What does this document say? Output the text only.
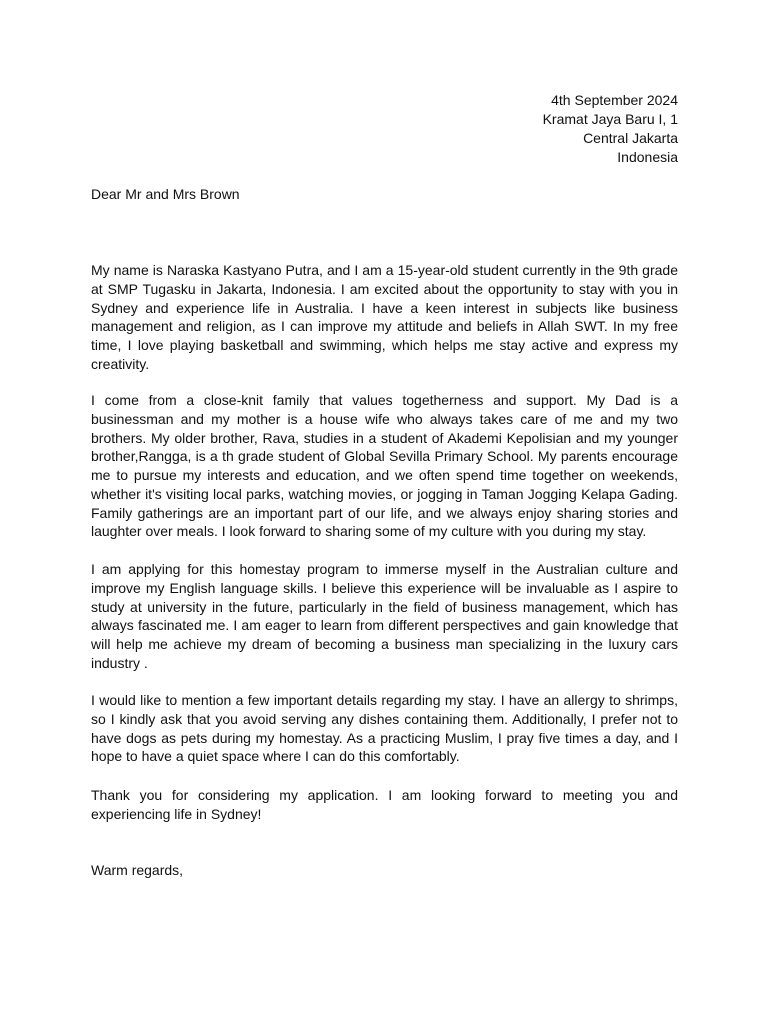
4th September 2024
Kramat Jaya Baru I, 1
Central Jakarta
Indonesia
Dear Mr and Mrs Brown

My name is Naraska Kastyano Putra, and I am a 15-year-old student currently in the 9th grade at SMP Tugasku in Jakarta, Indonesia. I am excited about the opportunity to stay with you in Sydney and experience life in Australia. I have a keen interest in subjects like business management and religion, as I can improve my attitude and beliefs in Allah SWT. In my free time, I love playing basketball and swimming, which helps me stay active and express my creativity.

I come from a close-knit family that values togetherness and support. My Dad is a businessman and my mother is a house wife who always takes care of me and my two brothers. My older brother, Rava, studies in a student of Akademi Kepolisian and my younger brother,Rangga, is a th grade student of Global Sevilla Primary School. My parents encourage me to pursue my interests and education, and we often spend time together on weekends, whether it's visiting local parks, watching movies, or jogging in Taman Jogging Kelapa Gading. Family gatherings are an important part of our life, and we always enjoy sharing stories and laughter over meals. I look forward to sharing some of my culture with you during my stay.

I am applying for this homestay program to immerse myself in the Australian culture and improve my English language skills. I believe this experience will be invaluable as I aspire to study at university in the future, particularly in the field of business management, which has always fascinated me. I am eager to learn from different perspectives and gain knowledge that will help me achieve my dream of becoming a business man specializing in the luxury cars industry .

I would like to mention a few important details regarding my stay. I have an allergy to shrimps, so I kindly ask that you avoid serving any dishes containing them. Additionally, I prefer not to have dogs as pets during my homestay. As a practicing Muslim, I pray five times a day, and I hope to have a quiet space where I can do this comfortably.

Thank you for considering my application. I am looking forward to meeting you and experiencing life in Sydney!

Warm regards,
